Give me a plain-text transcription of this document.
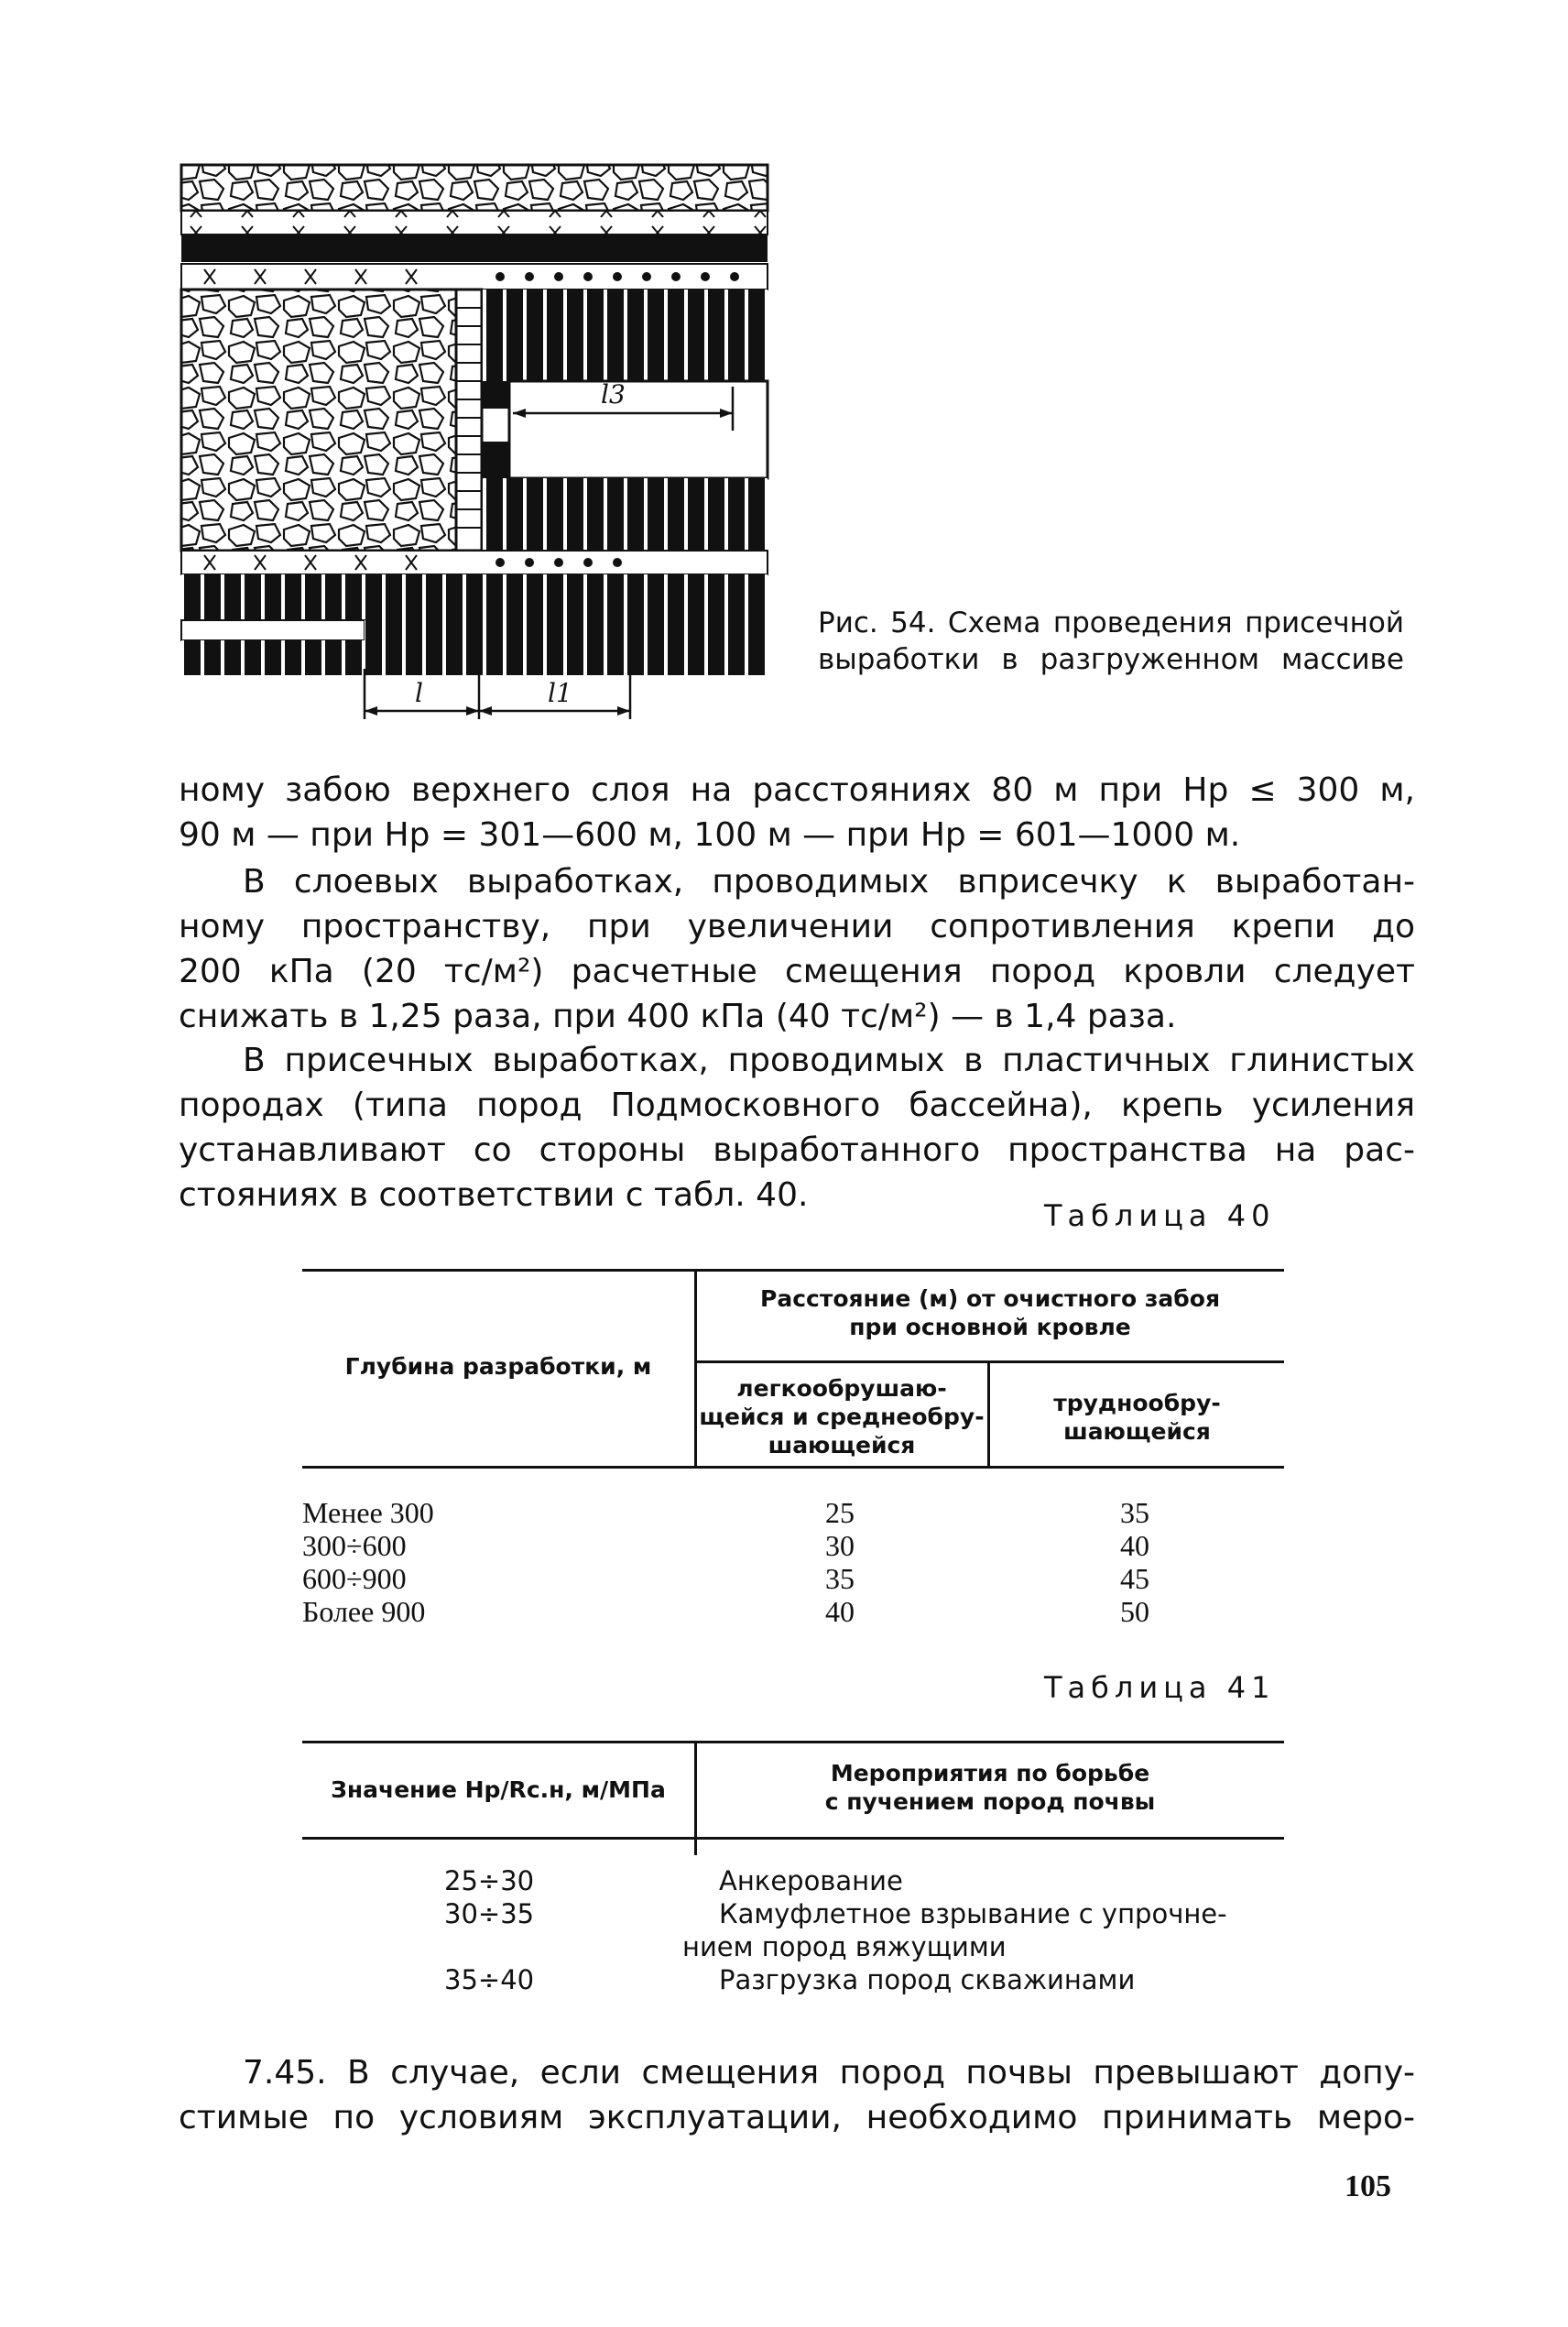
l3
l	l1
Рис. 54. Схема проведения присечной
выработки в разгруженном массиве
ному забою верхнего слоя на расстояниях 80 м при Hр ≤ 300 м,
90 м — при Hр = 301—600 м, 100 м — при Hр = 601—1000 м.
В слоевых выработках, проводимых вприсечку к выработан-
ному пространству, при увеличении сопротивления крепи до
200 кПа (20 тс/м²) расчетные смещения пород кровли следует
снижать в 1,25 раза, при 400 кПа (40 тс/м²) — в 1,4 раза.
В присечных выработках, проводимых в пластичных глинистых
породах (типа пород Подмосковного бассейна), крепь усиления
устанавливают со стороны выработанного пространства на рас-
стояниях в соответствии с табл. 40.
Таблица 40
Глубина разработки, м
Расстояние (м) от очистного забоя
при основной кровле
легкообрушаю-
щейся и среднеобру-
шающейся
труднообру-
шающейся
Менее 300	25	35
300÷600	30	40
600÷900	35	45
Более 900	40	50
Таблица 41
Значение Hр/Rс.н, м/МПа
Мероприятия по борьбе
с пучением пород почвы
25÷30	Анкерование
30÷35	Камуфлетное взрывание с упрочне-
нием пород вяжущими
35÷40	Разгрузка пород скважинами
7.45. В случае, если смещения пород почвы превышают допу-
стимые по условиям эксплуатации, необходимо принимать меро-
105
